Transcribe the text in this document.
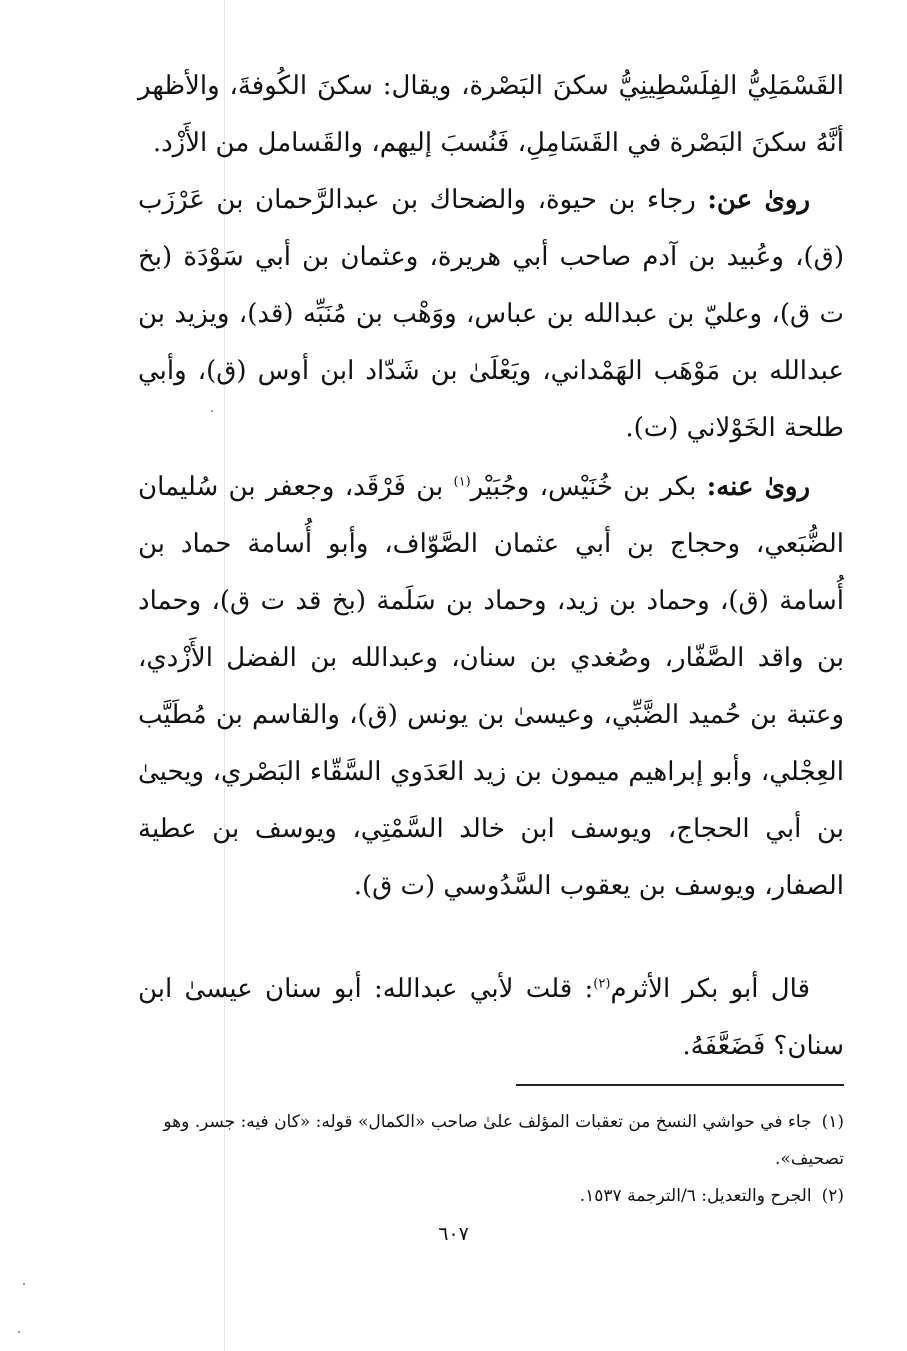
القَسْمَلِيُّ الفِلَسْطِينِيُّ سكنَ البَصْرة، ويقال: سكنَ الكُوفةَ، والأظهر أنَّهُ سكنَ البَصْرة في القَسَامِلِ، فَنُسبَ إليهم، والقَسامل من الأَزْد.
روىٰ عن: رجاء بن حيوة، والضحاك بن عبدالرَّحمان بن عَرْزَب (ق)، وعُبيد بن آدم صاحب أبي هريرة، وعثمان بن أبي سَوْدَة (بخ ت ق)، وعليّ بن عبدالله بن عباس، ووَهْب بن مُنَبِّه (قد)، ويزيد بن عبدالله بن مَوْهَب الهَمْداني، ويَعْلَىٰ بن شَدّاد ابن أوس (ق)، وأبي طلحة الخَوْلاني (ت).
روىٰ عنه: بكر بن خُنَيْس، وجُبَيْر$^{(١)}$ بن فَرْقَد، وجعفر بن سُليمان الضُّبَعي، وحجاج بن أبي عثمان الصَّوّاف، وأبو أُسامة حماد بن أُسامة (ق)، وحماد بن زيد، وحماد بن سَلَمة (بخ قد ت ق)، وحماد بن واقد الصَّفّار، وصُغدي بن سنان، وعبدالله بن الفضل الأَزْدي، وعتبة بن حُميد الضَّبِّي، وعيسىٰ بن يونس (ق)، والقاسم بن مُطَيَّب العِجْلي، وأبو إبراهيم ميمون بن زيد العَدَوي السَّقّاء البَصْري، ويحيىٰ بن أبي الحجاج، ويوسف ابن خالد السَّمْتِي، ويوسف بن عطية الصفار، ويوسف بن يعقوب السَّدُوسي (ت ق).
قال أبو بكر الأثرم$^{(٢)}$: قلت لأبي عبدالله: أبو سنان عيسىٰ ابن سنان؟ فَضَعَّفَهُ.
(١)جاء في حواشي النسخ من تعقبات المؤلف علىٰ صاحب «الكمال» قوله: «كان فيه: جسر. وهو تصحيف».
(٢)الجرح والتعديل: ٦/الترجمة ١٥٣٧.
٦٠٧
